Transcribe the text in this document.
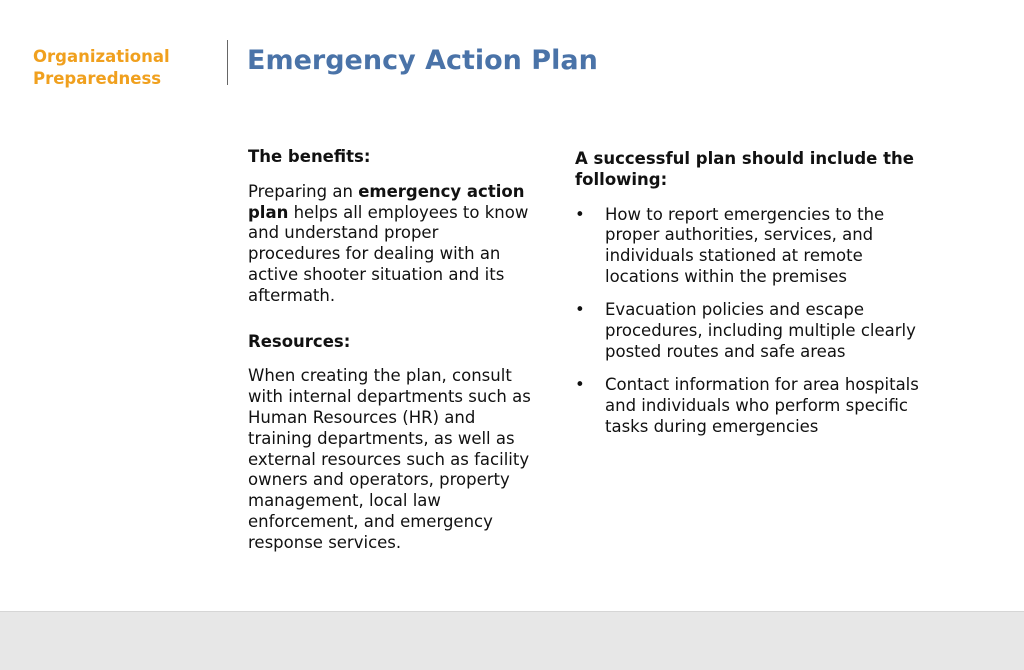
Organizational Preparedness
Emergency Action Plan

The benefits:

Preparing an emergency action plan helps all employees to know and understand proper procedures for dealing with an active shooter situation and its aftermath.

Resources:

When creating the plan, consult with internal departments such as Human Resources (HR) and training departments, as well as external resources such as facility owners and operators, property management, local law enforcement, and emergency response services.

A successful plan should include the following:

•	How to report emergencies to the proper authorities, services, and individuals stationed at remote locations within the premises
•	Evacuation policies and escape procedures, including multiple clearly posted routes and safe areas
•	Contact information for area hospitals and individuals who perform specific tasks during emergencies
